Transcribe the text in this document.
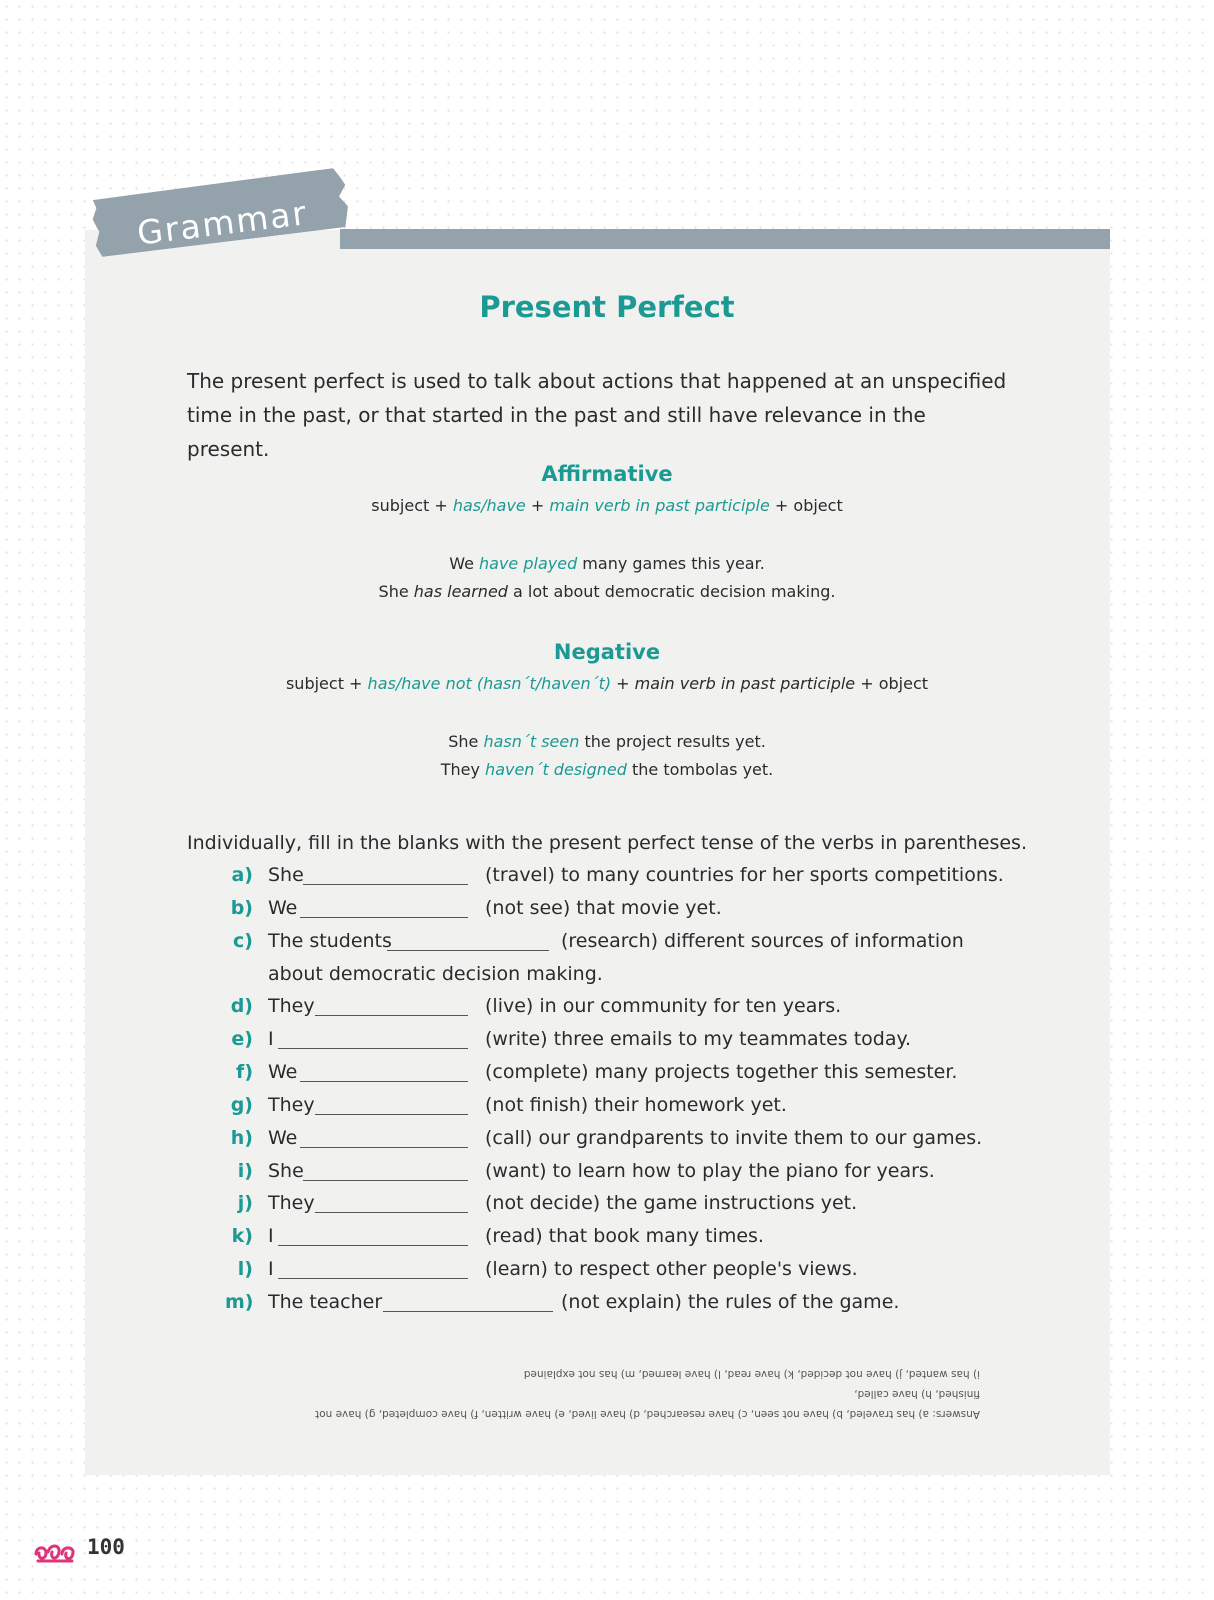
Grammar
Present Perfect

The present perfect is used to talk about actions that happened at an unspecified time in the past, or that started in the past and still have relevance in the present.

Affirmative
subject + has/have + main verb in past participle + object
We have played many games this year.
She has learned a lot about democratic decision making.
Negative
subject + has/have not (hasn´t/haven´t) + main verb in past participle + object
She hasn´t seen the project results yet.
They haven´t designed the tombolas yet.
Individually, fill in the blanks with the present perfect tense of the verbs in parentheses.
a) She	(travel) to many countries for her sports competitions.
b) We	(not see) that movie yet.
c) The students	(research) different sources of information
about democratic decision making.
d) They	(live) in our community for ten years.
e) I	(write) three emails to my teammates today.
f) We	(complete) many projects together this semester.
g) They	(not finish) their homework yet.
h) We	(call) our grandparents to invite them to our games.
i) She	(want) to learn how to play the piano for years.
j) They	(not decide) the game instructions yet.
k) I	(read) that book many times.
l) I	(learn) to respect other people's views.
m) The teacher	(not explain) the rules of the game.
Answers: a) has traveled, b) have not seen, c) have researched, d) have lived, e) have written, f) have completed, g) have not finished, h) have called,
i) has wanted, j) have not decided, k) have read, l) have learned, m) has not explained
100
